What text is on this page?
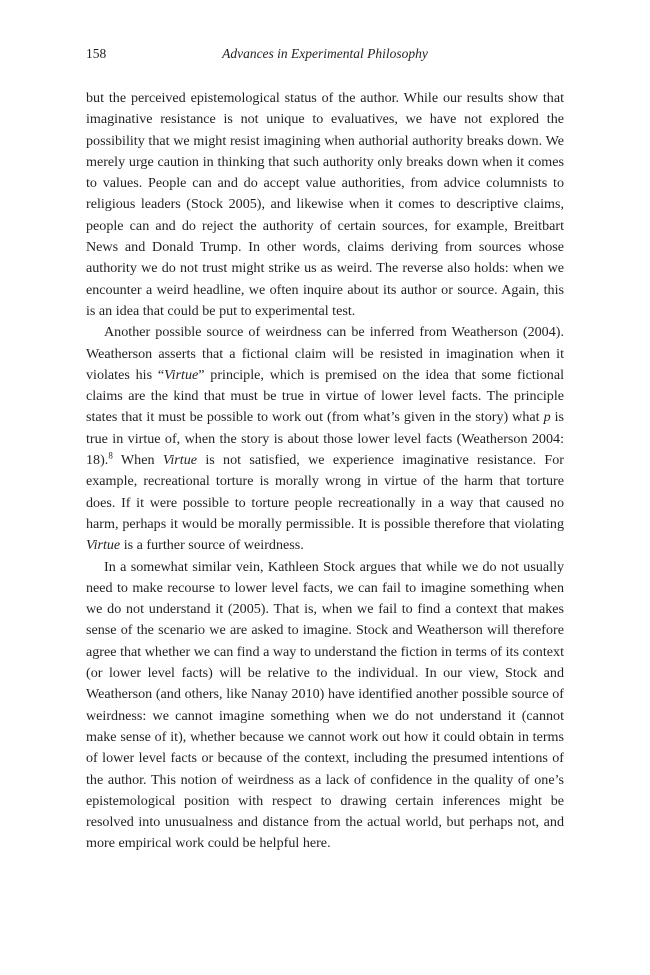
158	Advances in Experimental Philosophy

but the perceived epistemological status of the author. While our results show that imaginative resistance is not unique to evaluatives, we have not explored the possibility that we might resist imagining when authorial authority breaks down. We merely urge caution in thinking that such authority only breaks down when it comes to values. People can and do accept value authorities, from advice columnists to religious leaders (Stock 2005), and likewise when it comes to descriptive claims, people can and do reject the authority of certain sources, for example, Breitbart News and Donald Trump. In other words, claims deriving from sources whose authority we do not trust might strike us as weird. The reverse also holds: when we encounter a weird headline, we often inquire about its author or source. Again, this is an idea that could be put to experimental test.

Another possible source of weirdness can be inferred from Weatherson (2004). Weatherson asserts that a fictional claim will be resisted in imagination when it violates his “Virtue” principle, which is premised on the idea that some fictional claims are the kind that must be true in virtue of lower level facts. The principle states that it must be possible to work out (from what’s given in the story) what p is true in virtue of, when the story is about those lower level facts (Weatherson 2004: 18).$^8$ When Virtue is not satisfied, we experience imaginative resistance. For example, recreational torture is morally wrong in virtue of the harm that torture does. If it were possible to torture people recreationally in a way that caused no harm, perhaps it would be morally permissible. It is possible therefore that violating Virtue is a further source of weirdness.

In a somewhat similar vein, Kathleen Stock argues that while we do not usually need to make recourse to lower level facts, we can fail to imagine something when we do not understand it (2005). That is, when we fail to find a context that makes sense of the scenario we are asked to imagine. Stock and Weatherson will therefore agree that whether we can find a way to understand the fiction in terms of its context (or lower level facts) will be relative to the individual. In our view, Stock and Weatherson (and others, like Nanay 2010) have identified another possible source of weirdness: we cannot imagine something when we do not understand it (cannot make sense of it), whether because we cannot work out how it could obtain in terms of lower level facts or because of the context, including the presumed intentions of the author. This notion of weirdness as a lack of confidence in the quality of one’s epistemological position with respect to drawing certain inferences might be resolved into unusualness and distance from the actual world, but perhaps not, and more empirical work could be helpful here.
